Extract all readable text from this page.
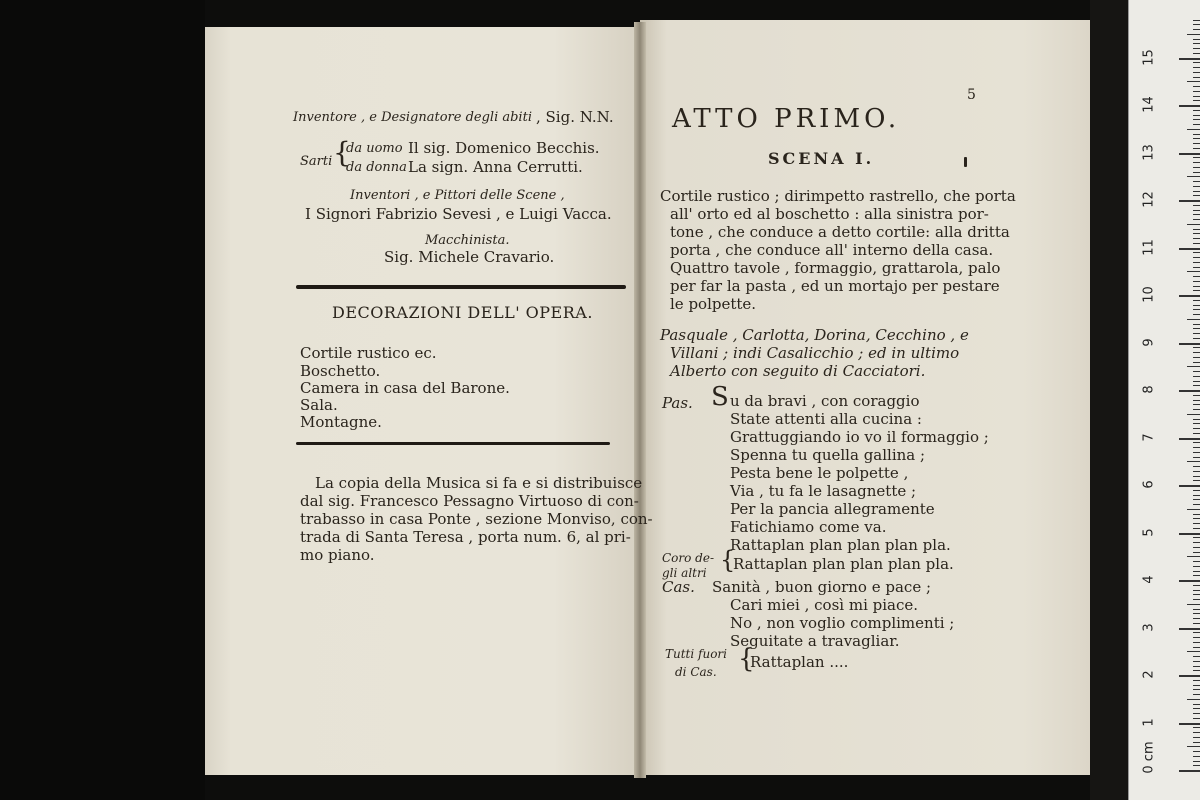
Inventore , e Designatore degli abiti , Sig. N.N.
Sarti {
da uomo Il sig. Domenico Becchis.
da donna La sign. Anna Cerrutti.
Inventori , e Pittori delle Scene ,
I Signori Fabrizio Sevesi , e Luigi Vacca.
Macchinista.
Sig. Michele Cravario.
DECORAZIONI DELL' OPERA.
Cortile rustico ec.
Boschetto.
Camera in casa del Barone.
Sala.
Montagne.
La copia della Musica si fa e si distribuisce
dal sig. Francesco Pessagno Virtuoso di con-
trabasso in casa Ponte , sezione Monviso, con-
trada di Santa Teresa , porta num. 6, al pri-
mo piano.
5
ATTO PRIMO.
SCENA I.
Cortile rustico ; dirimpetto rastrello, che porta
all' orto ed al boschetto : alla sinistra por-
tone , che conduce a detto cortile: alla dritta
porta , che conduce all' interno della casa.
Quattro tavole , formaggio, grattarola, palo
per far la pasta , ed un mortajo per pestare
le polpette.
Pasquale , Carlotta, Dorina, Cecchino , e
Villani ; indi Casalicchio ; ed in ultimo
Alberto con seguito di Cacciatori.
Pas. S u da bravi , con coraggio
State attenti alla cucina :
Grattuggiando io vo il formaggio ;
Spenna tu quella gallina ;
Pesta bene le polpette ,
Via , tu fa le lasagnette ;
Per la pancia allegramente
Fatichiamo come va.
Rattaplan plan plan plan pla.
Coro de-
gli altri {
Rattaplan plan plan plan pla.
Cas. Sanità , buon giorno e pace ;
Cari miei , così mi piace.
No , non voglio complimenti ;
Seguitate a travagliar.
Tutti fuori
di Cas. {
Rattaplan ....
0 cm
1
2
3
4
5
6
7
8
9
10
11
12
13
14
15
